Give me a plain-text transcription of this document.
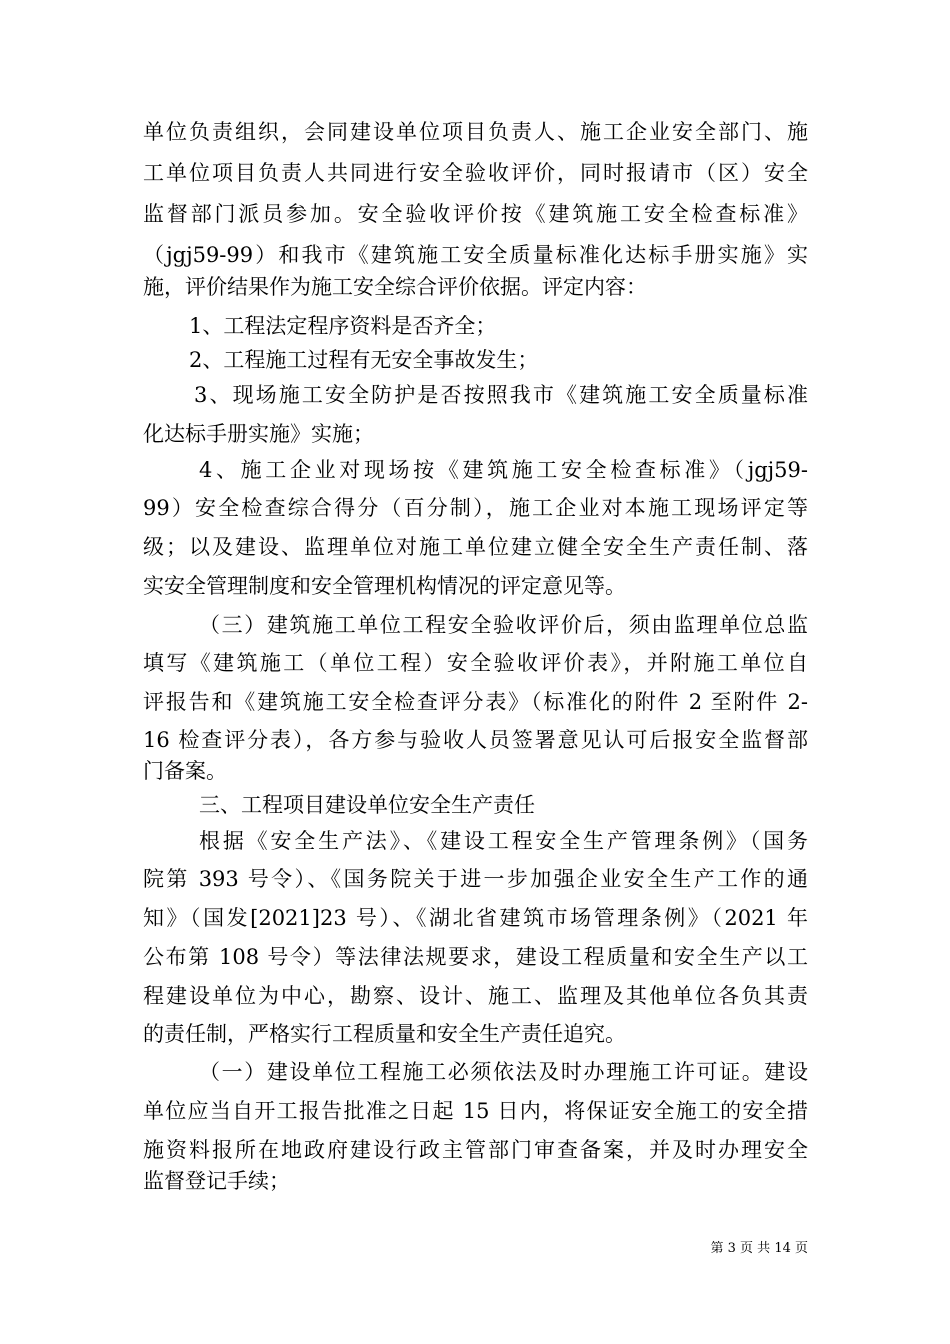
单位负责组织，会同建设单位项目负责人、施工企业安全部门、施
工单位项目负责人共同进行安全验收评价，同时报请市（区）安全
监督部门派员参加。安全验收评价按《建筑施工安全检查标准》
（jgj59-99）和我市《建筑施工安全质量标准化达标手册实施》实
施，评价结果作为施工安全综合评价依据。评定内容：
1、工程法定程序资料是否齐全；
2、工程施工过程有无安全事故发生；
3、现场施工安全防护是否按照我市《建筑施工安全质量标准
化达标手册实施》实施；
4、施工企业对现场按《建筑施工安全检查标准》（jgj59-
99）安全检查综合得分（百分制），施工企业对本施工现场评定等
级；以及建设、监理单位对施工单位建立健全安全生产责任制、落
实安全管理制度和安全管理机构情况的评定意见等。
（三）建筑施工单位工程安全验收评价后，须由监理单位总监
填写《建筑施工（单位工程）安全验收评价表》，并附施工单位自
评报告和《建筑施工安全检查评分表》（标准化的附件 2 至附件 2-
16 检查评分表），各方参与验收人员签署意见认可后报安全监督部
门备案。
三、工程项目建设单位安全生产责任
根据《安全生产法》、《建设工程安全生产管理条例》（国务
院第 393 号令）、《国务院关于进一步加强企业安全生产工作的通
知》（国发[2021]23 号）、《湖北省建筑市场管理条例》（2021 年
公布第 108 号令）等法律法规要求，建设工程质量和安全生产以工
程建设单位为中心，勘察、设计、施工、监理及其他单位各负其责
的责任制，严格实行工程质量和安全生产责任追究。
（一）建设单位工程施工必须依法及时办理施工许可证。建设
单位应当自开工报告批准之日起 15 日内，将保证安全施工的安全措
施资料报所在地政府建设行政主管部门审查备案，并及时办理安全
监督登记手续；
第 3 页 共 14 页
